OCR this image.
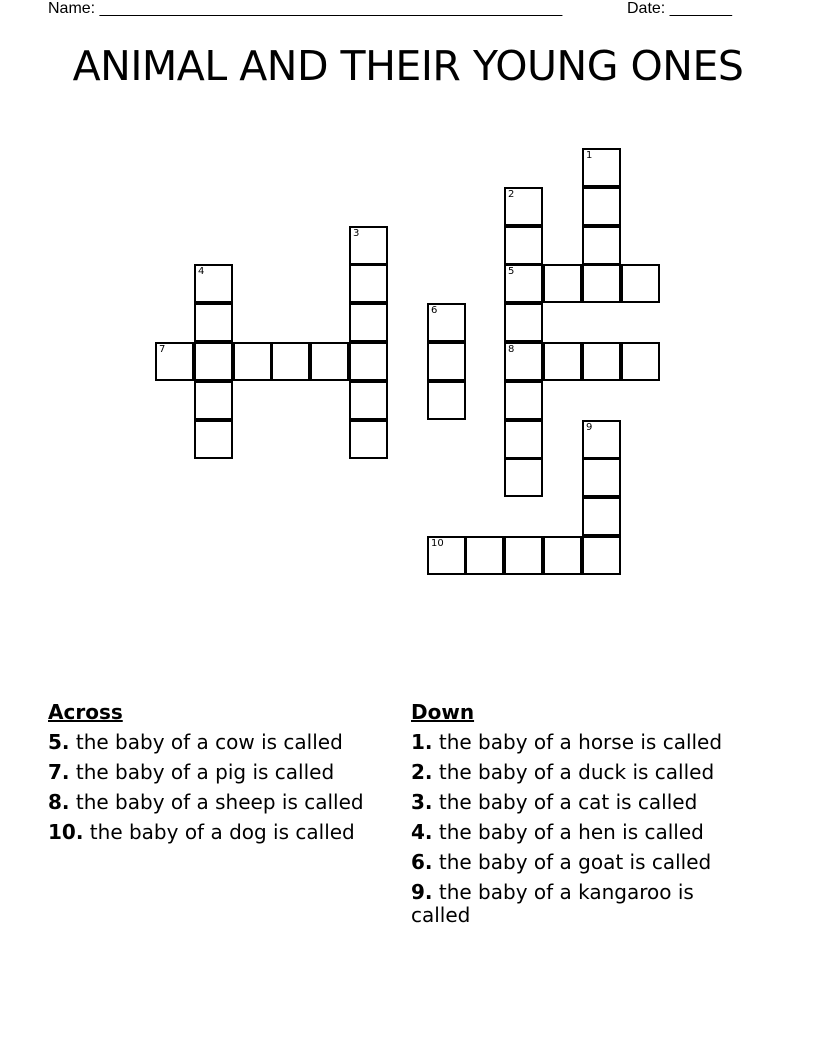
Name: ____________________________________________________	Date: _______
ANIMAL AND THEIR YOUNG ONES
1
2
5
8
3
4
7
6
9
10
Across
5. the baby of a cow is called
7. the baby of a pig is called
8. the baby of a sheep is called
10. the baby of a dog is called
Down
1. the baby of a horse is called
2. the baby of a duck is called
3. the baby of a cat is called
4. the baby of a hen is called
6. the baby of a goat is called
9. the baby of a kangaroo is called
